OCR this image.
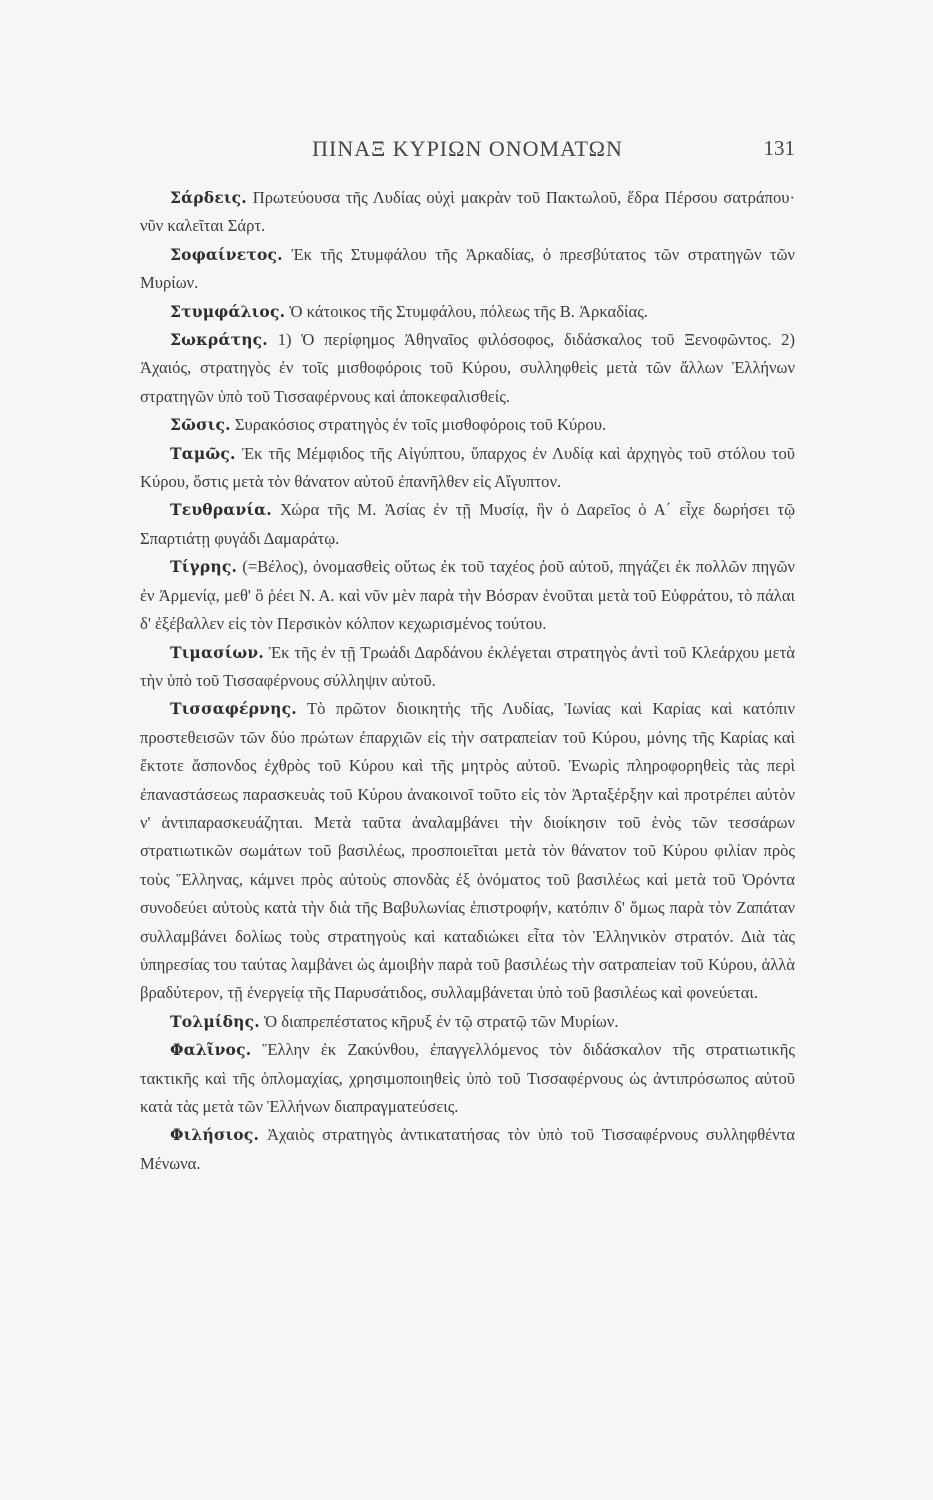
ΠΙΝΑΞ ΚΥΡΙΩΝ ΟΝΟΜΑΤΩΝ	131

Σάρδεις. Πρωτεύουσα τῆς Λυδίας οὐχὶ μακρὰν τοῦ Πακτωλοῦ, ἕδρα Πέρσου σατράπου· νῦν καλεῖται Σάρτ.

Σοφαίνετος. Ἐκ τῆς Στυμφάλου τῆς Ἀρκαδίας, ὁ πρεσβύτατος τῶν στρατηγῶν τῶν Μυρίων.

Στυμφάλιος. Ὁ κάτοικος τῆς Στυμφάλου, πόλεως τῆς Β. Ἀρκαδίας.

Σωκράτης. 1) Ὁ περίφημος Ἀθηναῖος φιλόσοφος, διδάσκαλος τοῦ Ξενοφῶντος. 2) Ἀχαιός, στρατηγὸς ἐν τοῖς μισθοφόροις τοῦ Κύρου, συλληφθεὶς μετὰ τῶν ἄλλων Ἑλλήνων στρατηγῶν ὑπὸ τοῦ Τισσαφέρνους καὶ ἀποκεφαλισθείς.

Σῶσις. Συρακόσιος στρατηγὸς ἐν τοῖς μισθοφόροις τοῦ Κύρου.

Ταμῶς. Ἐκ τῆς Μέμφιδος τῆς Αἰγύπτου, ὕπαρχος ἐν Λυδίᾳ καὶ ἀρχηγὸς τοῦ στόλου τοῦ Κύρου, ὅστις μετὰ τὸν θάνατον αὐτοῦ ἐπανῆλθεν εἰς Αἴγυπτον.

Τευθρανία. Χώρα τῆς Μ. Ἀσίας ἐν τῇ Μυσίᾳ, ἣν ὁ Δαρεῖος ὁ Α΄ εἶχε δωρήσει τῷ Σπαρτιάτῃ φυγάδι Δαμαράτῳ.

Τίγρης. (=Βέλος), ὀνομασθεὶς οὕτως ἐκ τοῦ ταχέος ῥοῦ αὐτοῦ, πηγάζει ἐκ πολλῶν πηγῶν ἐν Ἀρμενίᾳ, μεθ' ὃ ῥέει Ν. Α. καὶ νῦν μὲν παρὰ τὴν Βόσραν ἑνοῦται μετὰ τοῦ Εὐφράτου, τὸ πάλαι δ' ἐξέβαλλεν εἰς τὸν Περσικὸν κόλπον κεχωρισμένος τούτου.

Τιμασίων. Ἐκ τῆς ἐν τῇ Τρωάδι Δαρδάνου ἐκλέγεται στρατηγὸς ἀντὶ τοῦ Κλεάρχου μετὰ τὴν ὑπὸ τοῦ Τισσαφέρνους σύλληψιν αὐτοῦ.

Τισσαφέρνης. Τὸ πρῶτον διοικητὴς τῆς Λυδίας, Ἰωνίας καὶ Καρίας καὶ κατόπιν προστεθεισῶν τῶν δύο πρώτων ἐπαρχιῶν εἰς τὴν σατραπείαν τοῦ Κύρου, μόνης τῆς Καρίας καὶ ἔκτοτε ἄσπονδος ἐχθρὸς τοῦ Κύρου καὶ τῆς μητρὸς αὐτοῦ. Ἐνωρὶς πληροφορηθεὶς τὰς περὶ ἐπαναστάσεως παρασκευὰς τοῦ Κύρου ἀνακοινοῖ τοῦτο εἰς τὸν Ἀρταξέρξην καὶ προτρέπει αὐτὸν ν' ἀντιπαρασκευάζηται. Μετὰ ταῦτα ἀναλαμβάνει τὴν διοίκησιν τοῦ ἑνὸς τῶν τεσσάρων στρατιωτικῶν σωμάτων τοῦ βασιλέως, προσποιεῖται μετὰ τὸν θάνατον τοῦ Κύρου φιλίαν πρὸς τοὺς Ἕλληνας, κάμνει πρὸς αὐτοὺς σπονδὰς ἐξ ὀνόματος τοῦ βασιλέως καὶ μετὰ τοῦ Ὀρόντα συνοδεύει αὐτοὺς κατὰ τὴν διὰ τῆς Βαβυλωνίας ἐπιστροφήν, κατόπιν δ' ὅμως παρὰ τὸν Ζαπάταν συλλαμβάνει δολίως τοὺς στρατηγοὺς καὶ καταδιώκει εἶτα τὸν Ἑλληνικὸν στρατόν. Διὰ τὰς ὑπηρεσίας του ταύτας λαμβάνει ὡς ἀμοιβὴν παρὰ τοῦ βασιλέως τὴν σατραπείαν τοῦ Κύρου, ἀλλὰ βραδύτερον, τῇ ἐνεργείᾳ τῆς Παρυσάτιδος, συλλαμβάνεται ὑπὸ τοῦ βασιλέως καὶ φονεύεται.

Τολμίδης. Ὁ διαπρεπέστατος κῆρυξ ἐν τῷ στρατῷ τῶν Μυρίων.

Φαλῖνος. Ἕλλην ἐκ Ζακύνθου, ἐπαγγελλόμενος τὸν διδάσκαλον τῆς στρατιωτικῆς τακτικῆς καὶ τῆς ὁπλομαχίας, χρησιμοποιηθεὶς ὑπὸ τοῦ Τισσαφέρνους ὡς ἀντιπρόσωπος αὐτοῦ κατὰ τὰς μετὰ τῶν Ἑλλήνων διαπραγματεύσεις.

Φιλήσιος. Ἀχαιὸς στρατηγὸς ἀντικατατήσας τὸν ὑπὸ τοῦ Τισσαφέρνους συλληφθέντα Μένωνα.
